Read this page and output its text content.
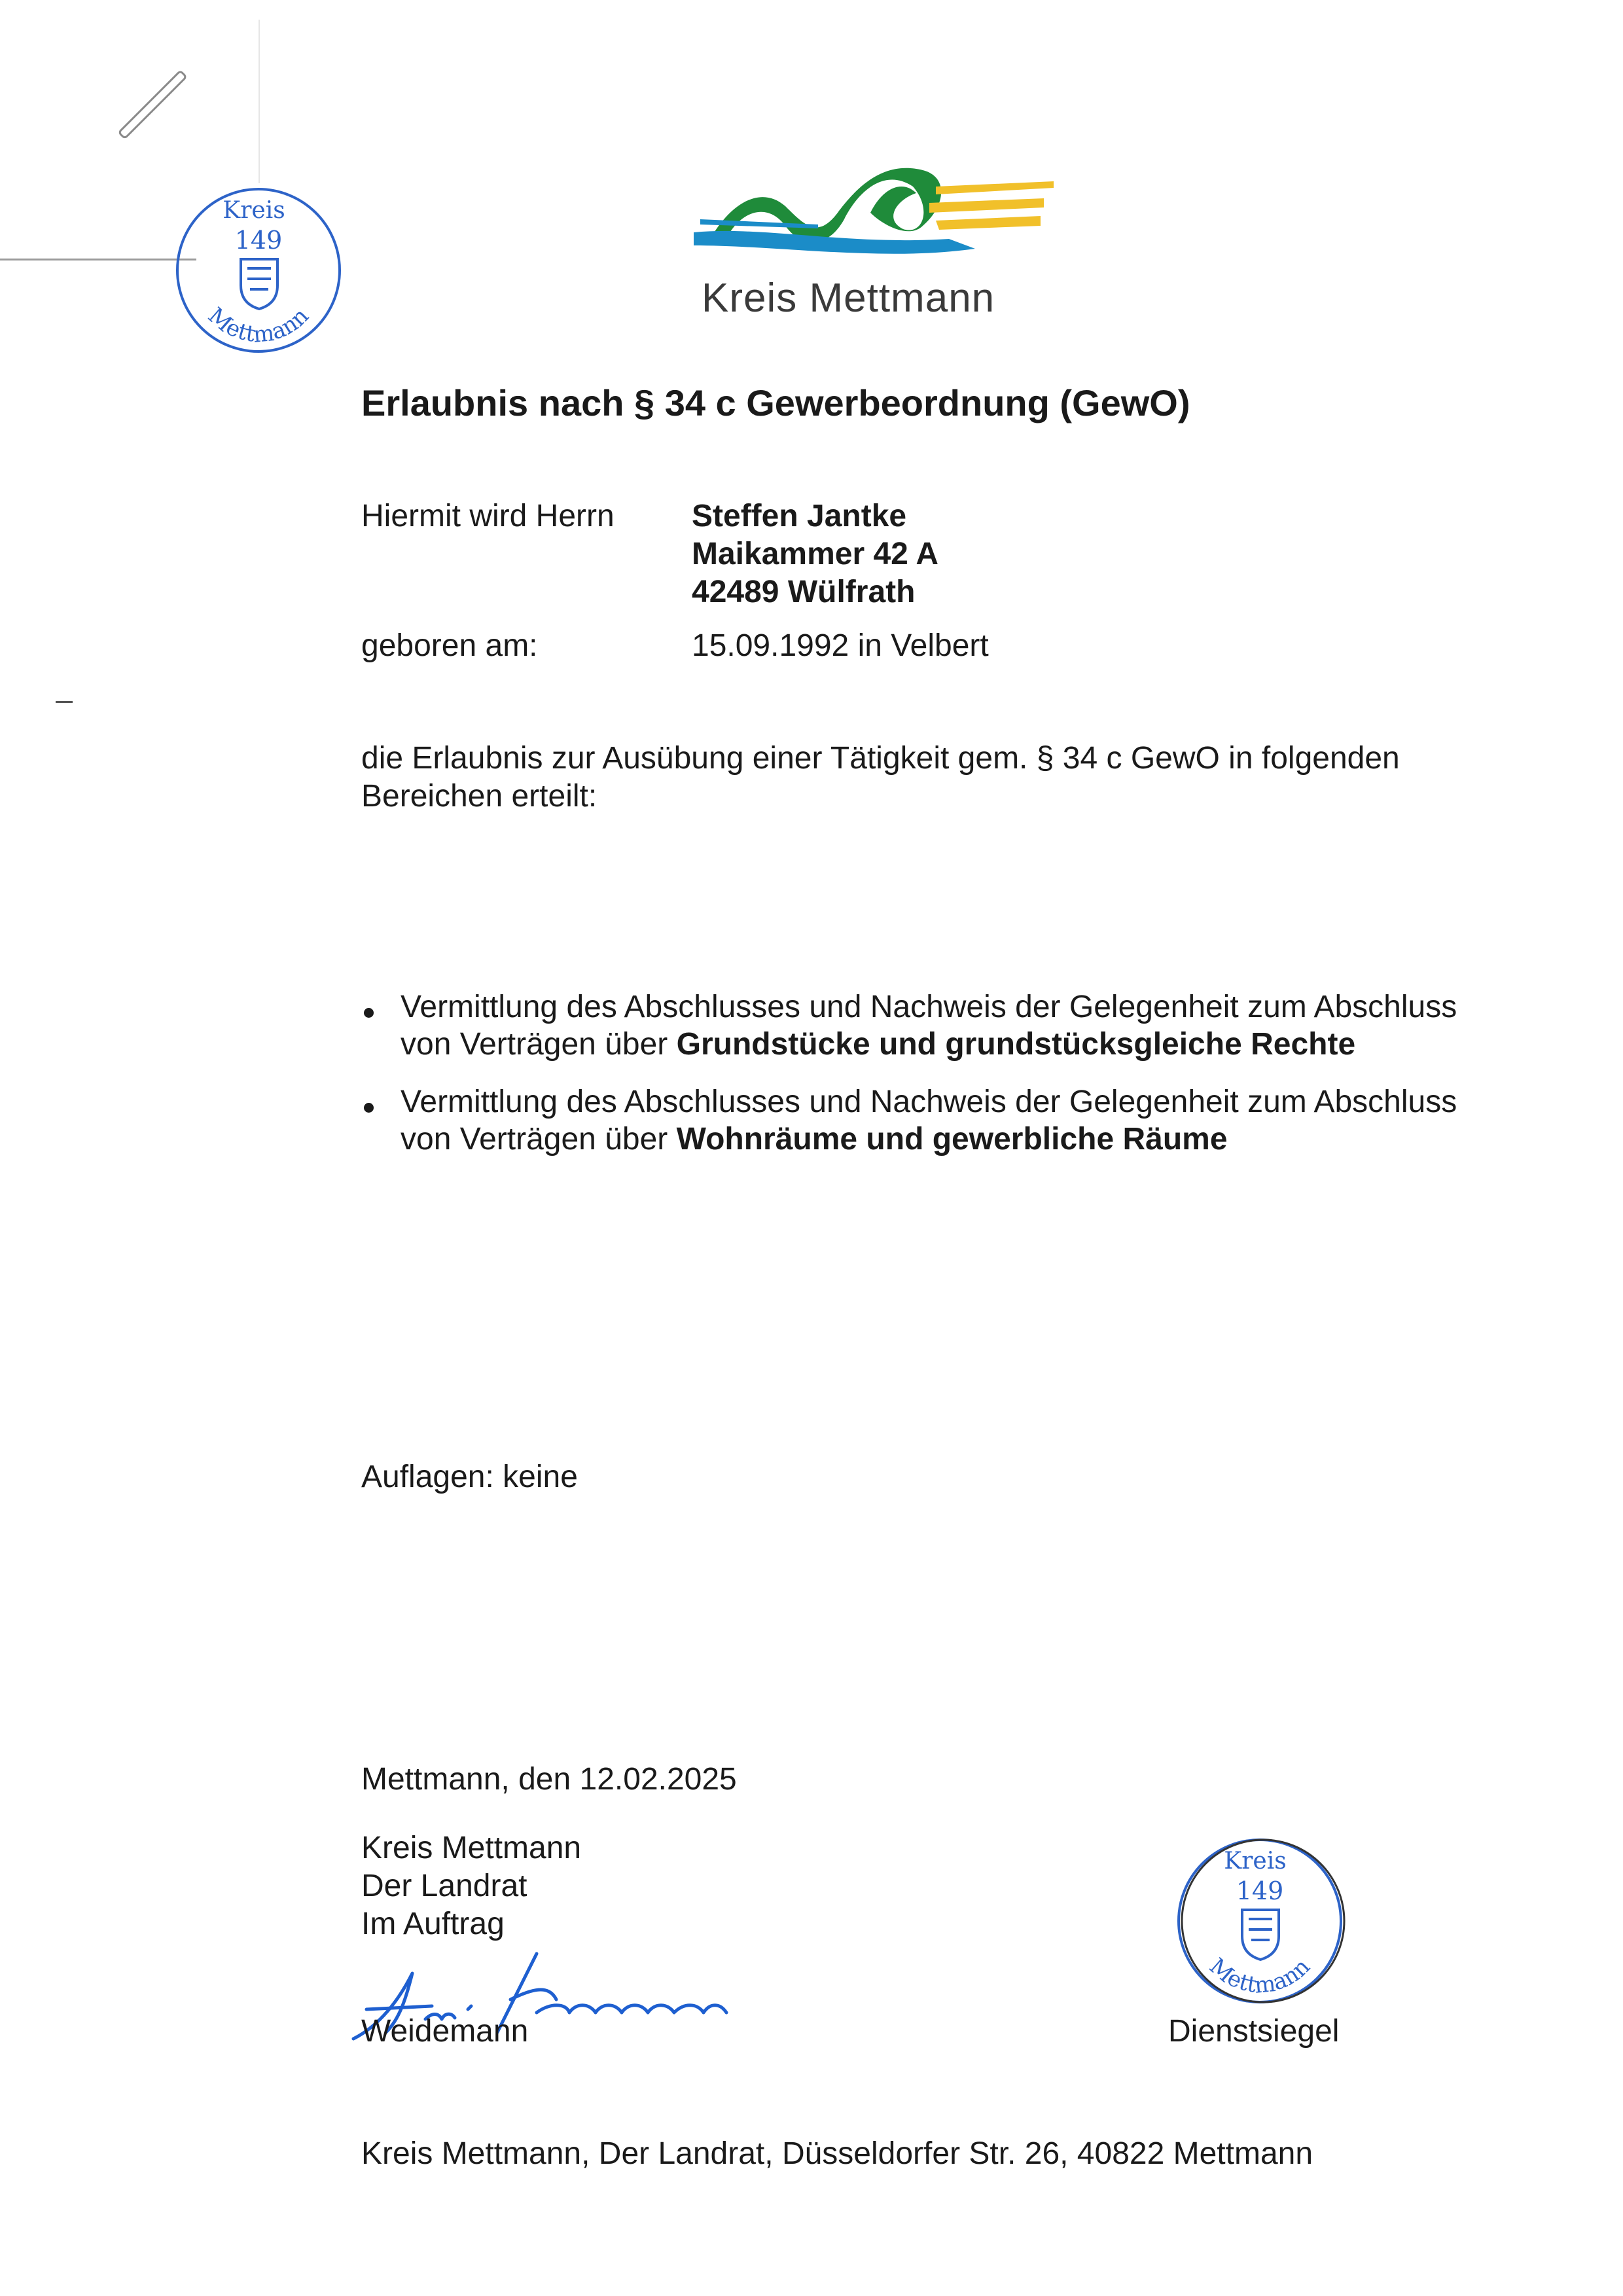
Kreis
149
Mettmann	Kreis Mettmann
Erlaubnis nach § 34 c Gewerbeordnung (GewO)
Hiermit wird Herrn Steffen Jantke
Maikammer 42 A
42489 Wülfrath
geboren am:	15.09.1992 in Velbert
die Erlaubnis zur Ausübung einer Tätigkeit gem. § 34 c GewO in folgenden
Bereichen erteilt:
Vermittlung des Abschlusses und Nachweis der Gelegenheit zum Abschluss
von Verträgen über Grundstücke und grundstücksgleiche Rechte
Vermittlung des Abschlusses und Nachweis der Gelegenheit zum Abschluss
von Verträgen über Wohnräume und gewerbliche Räume
Auflagen: keine
Mettmann, den 12.02.2025
Kreis Mettmann
Der Landrat
Im Auftrag
Weidemann
Kreis
149
Mettmann
Dienstsiegel
Kreis Mettmann, Der Landrat, Düsseldorfer Str. 26, 40822 Mettmann
